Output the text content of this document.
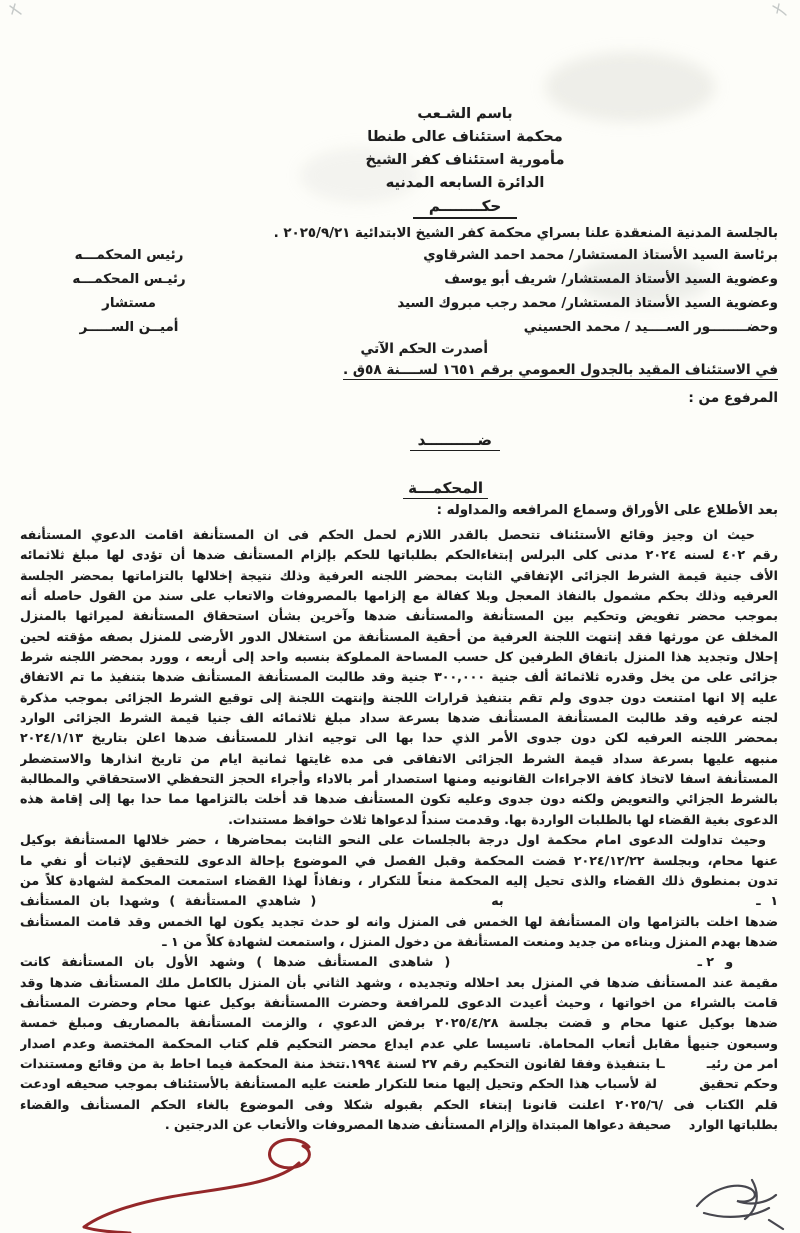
باسم الشـعب
محكمة استئناف عالى طنطا
مأمورية استئناف كفر الشيخ
الدائرة السابعه المدنيه
حكــــــــم
بالجلسة المدنية المنعقدة علنا بسراي محكمة كفر الشيخ الابتدائية ٢٠٢٥/٩/٢١ .
برئاسة السيد الأستاذ المستشار/ محمد احمد الشرقاوي
رئيس المحكمـــه
وعضوية السيد الأستاذ المستشار/ شريف أبو يوسف
رئيـس المحكمـــه
وعضوية السيد الأستاذ المستشار/ محمد رجب مبروك السيد
مستشار
وحضــــــــور الســــيد / محمد الحسيني
أميــن الســـــر
أصدرت الحكم الآتي
في الاستئناف المقيد بالجدول العمومي برقم ١٦٥١ لســــنة ٥٨ق .
المرفوع من :
ضــــــــــد
المحكمـــة
بعد الأطلاع على الأوراق وسماع المرافعه والمداوله :
حيث ان وجيز وقائع الأستئناف تتحصل بالقدر اللازم لحمل الحكم فى ان المستأنفة اقامت الدعوي المستأنفه
رقم ٤٠٢ لسنه ٢٠٢٤ مدنى كلى البرلس إبتغاءالحكم بطلباتها للحكم بإلزام المستأنف ضدها أن تؤدى لها مبلغ ثلاثمائه
الأف جنية قيمة الشرط الجزائى الإتفاقي الثابت بمحضر اللجنه العرفية وذلك نتيجة إخلالها بالتزاماتها بمحضر الجلسة
العرفيه وذلك بحكم مشمول بالنفاذ المعجل وبلا كفالة مع إلزامها بالمصروفات والاتعاب على سند من القول حاصله أنه
بموجب محضر تفويض وتحكيم بين المستأنفة والمستأنف ضدها وآخرين بشأن استحقاق المستأنفة لميراثها بالمنزل
المخلف عن مورثها فقد إنتهت اللجنة العرفية من أحقية المستأنفة من استغلال الدور الأرضى للمنزل بصفه مؤقته لحين
إحلال وتجديد هذا المنزل باتفاق الطرفين كل حسب المساحة المملوكة بنسبه واحد إلى أربعه ، وورد بمحضر اللجنه شرط
جزائى على من يخل وقدره ثلاثمائة ألف جنية ٣٠٠,٠٠٠ جنية وقد طالبت المستأنفة المستأنف ضدها بتنفيذ ما تم الاتفاق
عليه إلا انها امتنعت دون جدوى ولم تقم بتنفيذ قرارات اللجنة وإنتهت اللجنة إلى توقيع الشرط الجزائى بموجب مذكرة
لجنه عرفيه وقد طالبت المستأنفة المستأنف ضدها بسرعة سداد مبلغ ثلاثمائه الف جنيا قيمة الشرط الجزائى الوارد
بمحضر اللجنه العرفيه لكن دون جدوى الأمر الذي حدا بها الى توجيه انذار للمستأنف ضدها اعلن بتاريخ ٢٠٢٤/١/١٣
منبهه عليها بسرعة سداد قيمة الشرط الجزائى الاتفاقى فى مده غايتها ثمانية ايام من تاريخ انذارها والاستضطر
المستأنفة اسفا لاتخاذ كافة الاجراءات القانونيه ومنها استصدار أمر بالاداء وأجراء الحجز التحفظي الاستحقاقي والمطالبة
بالشرط الجزائي والتعويض ولكنه دون جدوى وعليه تكون المستأنف ضدها قد أخلت بالتزامها مما حدا بها إلى إقامة هذه
الدعوى بغية القضاء لها بالطلبات الواردة بها. وقدمت سنداً لدعواها ثلاث حوافظ مستندات.
وحيث تداولت الدعوى امام محكمة اول درجة بالجلسات على النحو الثابت بمحاضرها ، حضر خلالها المستأنفة بوكيل
عنها محام، وبجلسة ٢٠٢٤/١٢/٢٢ قضت المحكمة وقبل الفصل في الموضوع بإحالة الدعوى للتحقيق لإثبات أو نفي ما
تدون بمنطوق ذلك القضاء والذى تحيل إليه المحكمة منعاً للتكرار ، ونفاذاً لهذا القضاء استمعت المحكمة لشهادة كلاً من
١ ـ                          به                  ( شاهدي المستأنفة ) وشهدا بان المستأنف
ضدها اخلت بالتزامها وان المستأنفة لها الخمس فى المنزل وانه لو حدث تجديد يكون لها الخمس وقد قامت المستأنف
ضدها بهدم المنزل وبناءه من جديد ومنعت المستأنفة من دخول المنزل ، واستمعت لشهادة كلاً من ١ ـ
و ٢ ـ                      ( شاهدى المستأنف ضدها ) وشهد الأول بان المستأنفة كانت
مقيمة عند المستأنف ضدها في المنزل بعد احلاله وتجديده ، وشهد الثاني بأن المنزل بالكامل ملك المستأنف ضدها وقد
قامت بالشراء من اخواتها ، وحيث أعيدت الدعوى للمرافعة وحضرت االمستأنفة بوكيل عنها محام وحضرت المستأنف
ضدها بوكيل عنها محام و قضت بجلسة ٢٠٢٥/٤/٢٨ برفض الدعوي ، والزمت المستأنفة بالمصاريف ومبلغ خمسة
وسبعون جنيهأ مقابل أتعاب المحاماة. تاسيسا علي عدم ايداع محضر التحكيم قلم كتاب المحكمة المختصة وعدم اصدار
امر من رئيـ        ـا بتنفيذة وفقا لقانون التحكيم رقم ٢٧ لسنة ١٩٩٤.تتخذ منة المحكمة فيما احاط بة من وقائع ومستندات
وحكم تحقيق        لة لأسباب هذا الحكم وتحيل إليها منعا للتكرار طعنت عليه المستأنفة بالأستئناف بموجب صحيفه اودعت
قلم الكتاب فى /٢٠٢٥/٦ اعلنت قانونا إبتغاء الحكم بقبوله شكلا وفى الموضوع بالغاء الحكم المستأنف والقضاء
بطلباتها الوارد    صحيفة دعواها المبتداة وإلزام المستأنف ضدها المصروفات والأتعاب عن الدرجتين .
